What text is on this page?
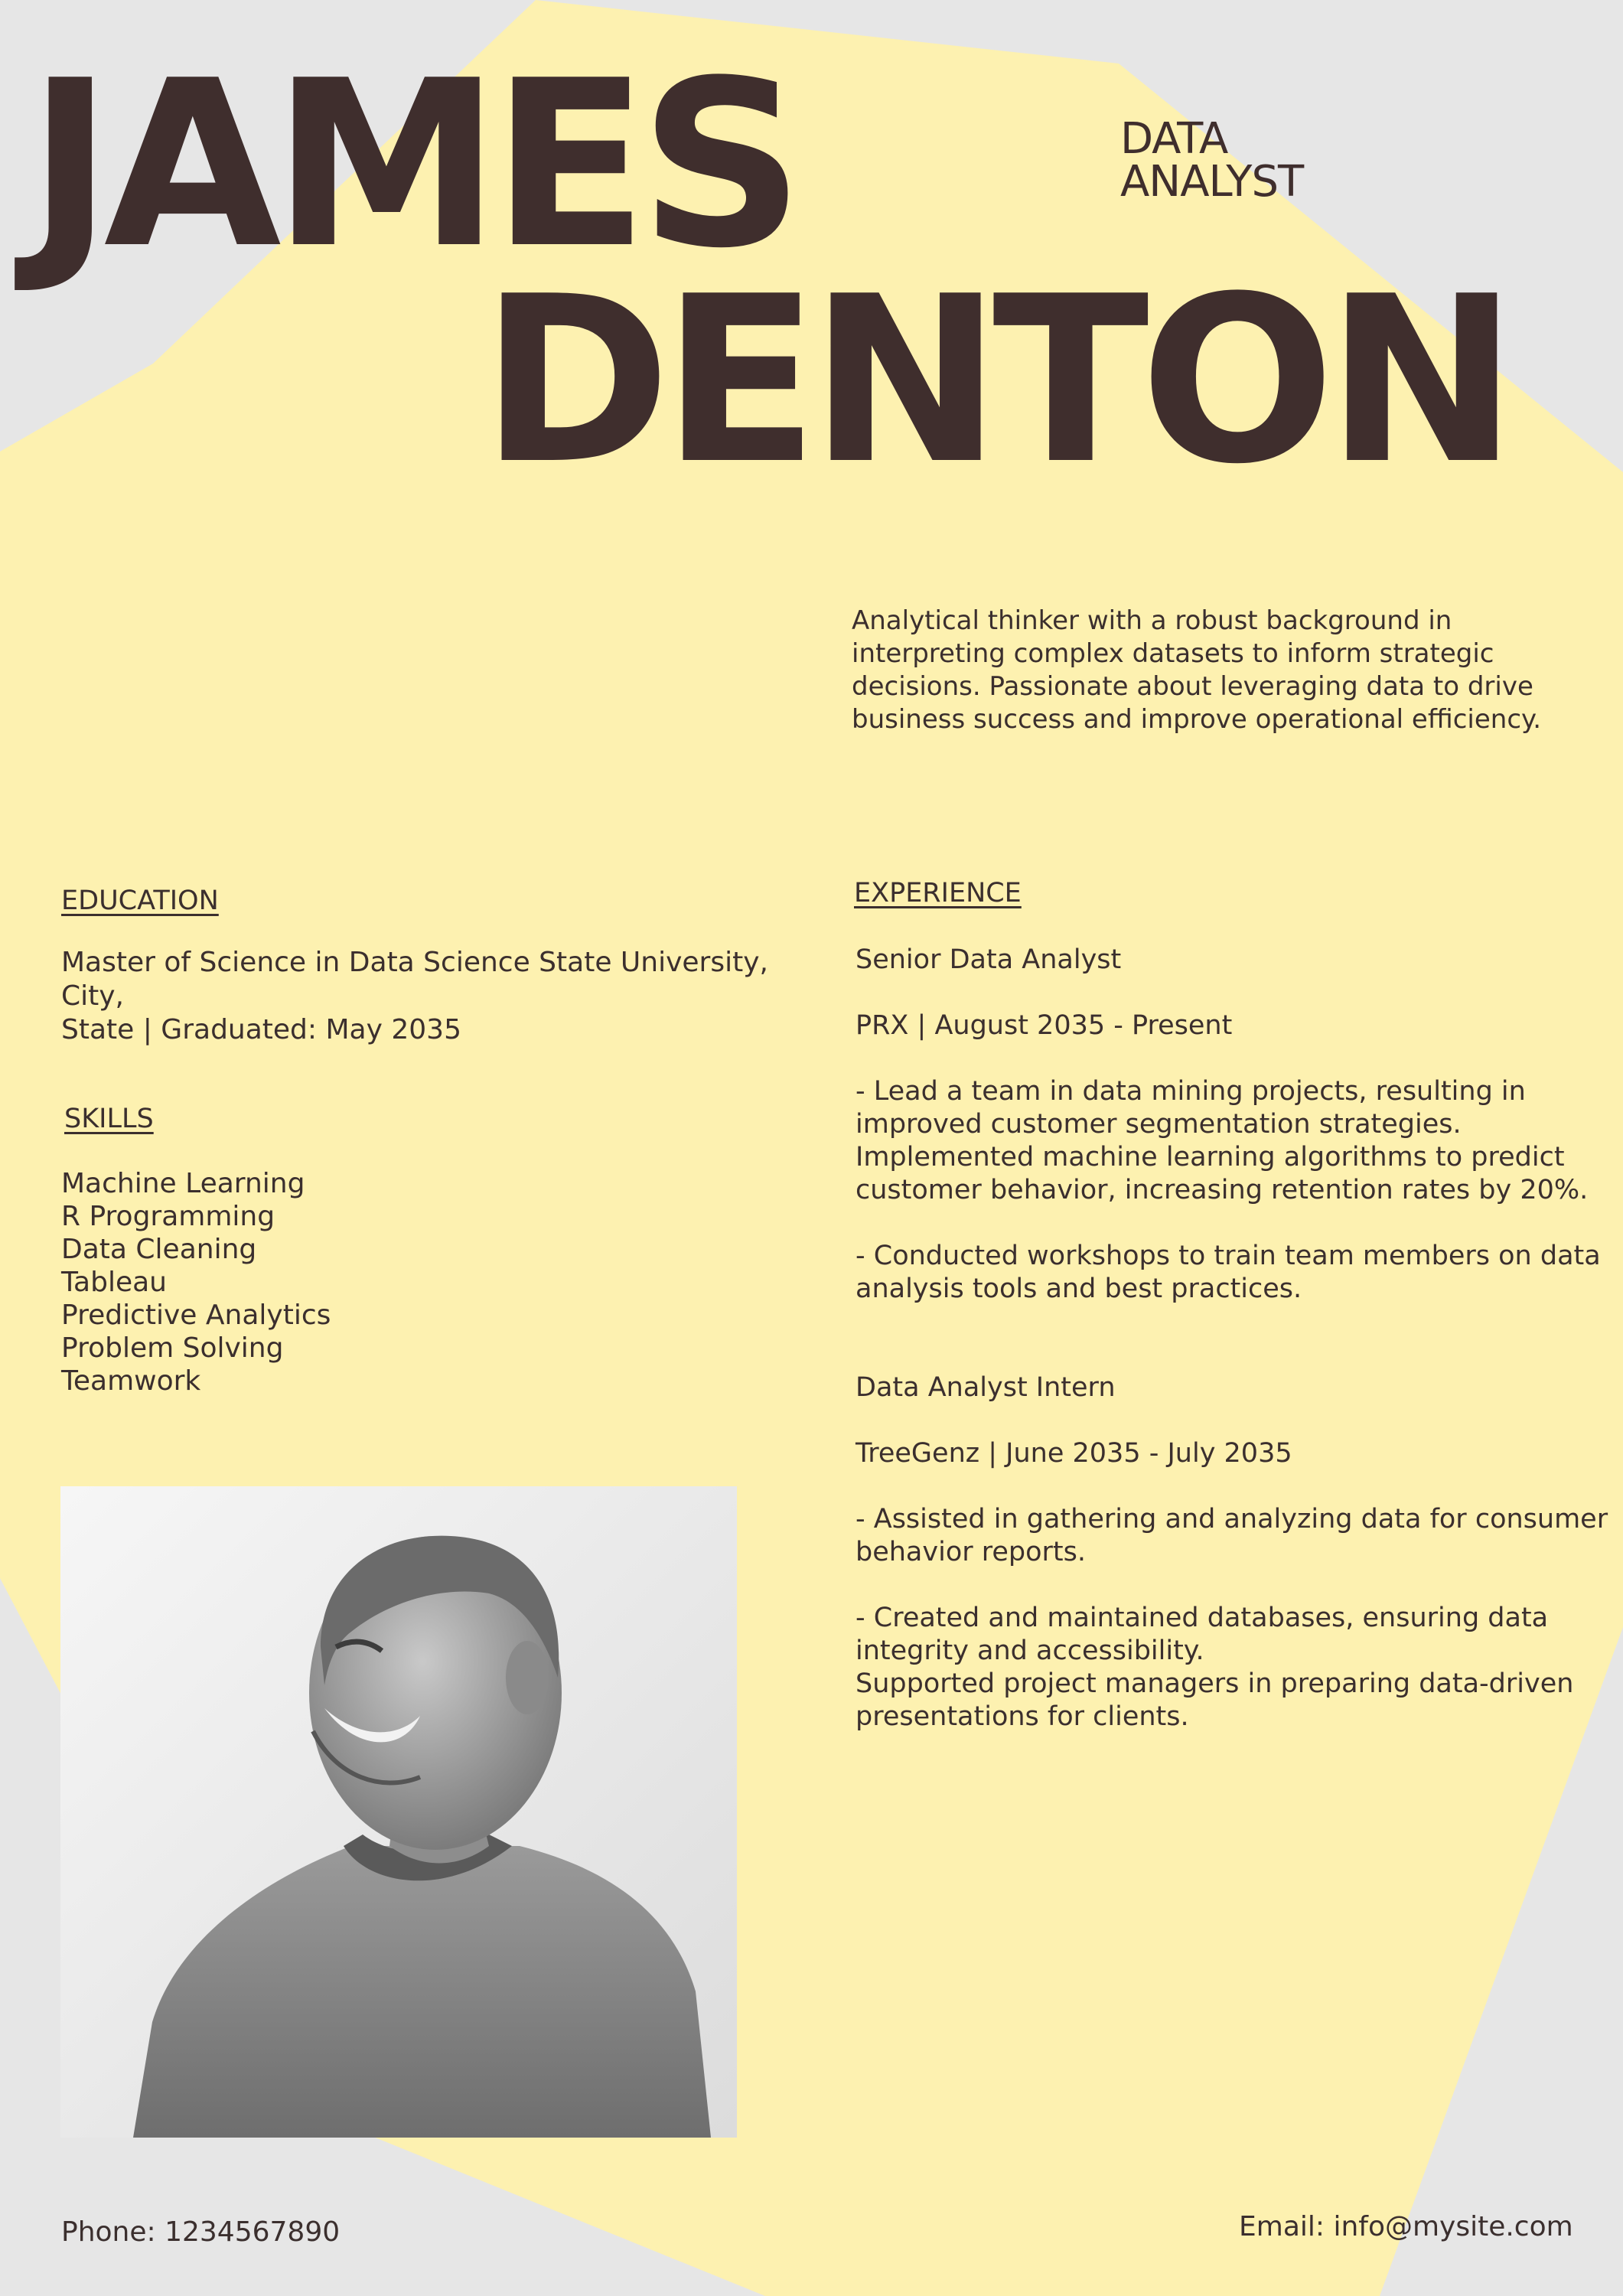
JAMES
DENTON
DATA
ANALYST
Analytical thinker with a robust background in interpreting complex datasets to inform strategic decisions. Passionate about leveraging data to drive business success and improve operational efficiency.
EDUCATION
Master of Science in Data Science State University, City,
State | Graduated: May 2035
SKILLS
Machine Learning
R Programming
Data Cleaning
Tableau
Predictive Analytics
Problem Solving
Teamwork
EXPERIENCE

Senior Data Analyst

PRX | August 2035 - Present

- Lead a team in data mining projects, resulting in improved customer segmentation strategies.

Implemented machine learning algorithms to predict customer behavior, increasing retention rates by 20%.

- Conducted workshops to train team members on data analysis tools and best practices.

Data Analyst Intern

TreeGenz | June 2035 - July 2035

- Assisted in gathering and analyzing data for consumer behavior reports.

- Created and maintained databases, ensuring data integrity and accessibility.

Supported project managers in preparing data-driven presentations for clients.

Phone: 1234567890	Email: info@mysite.com
